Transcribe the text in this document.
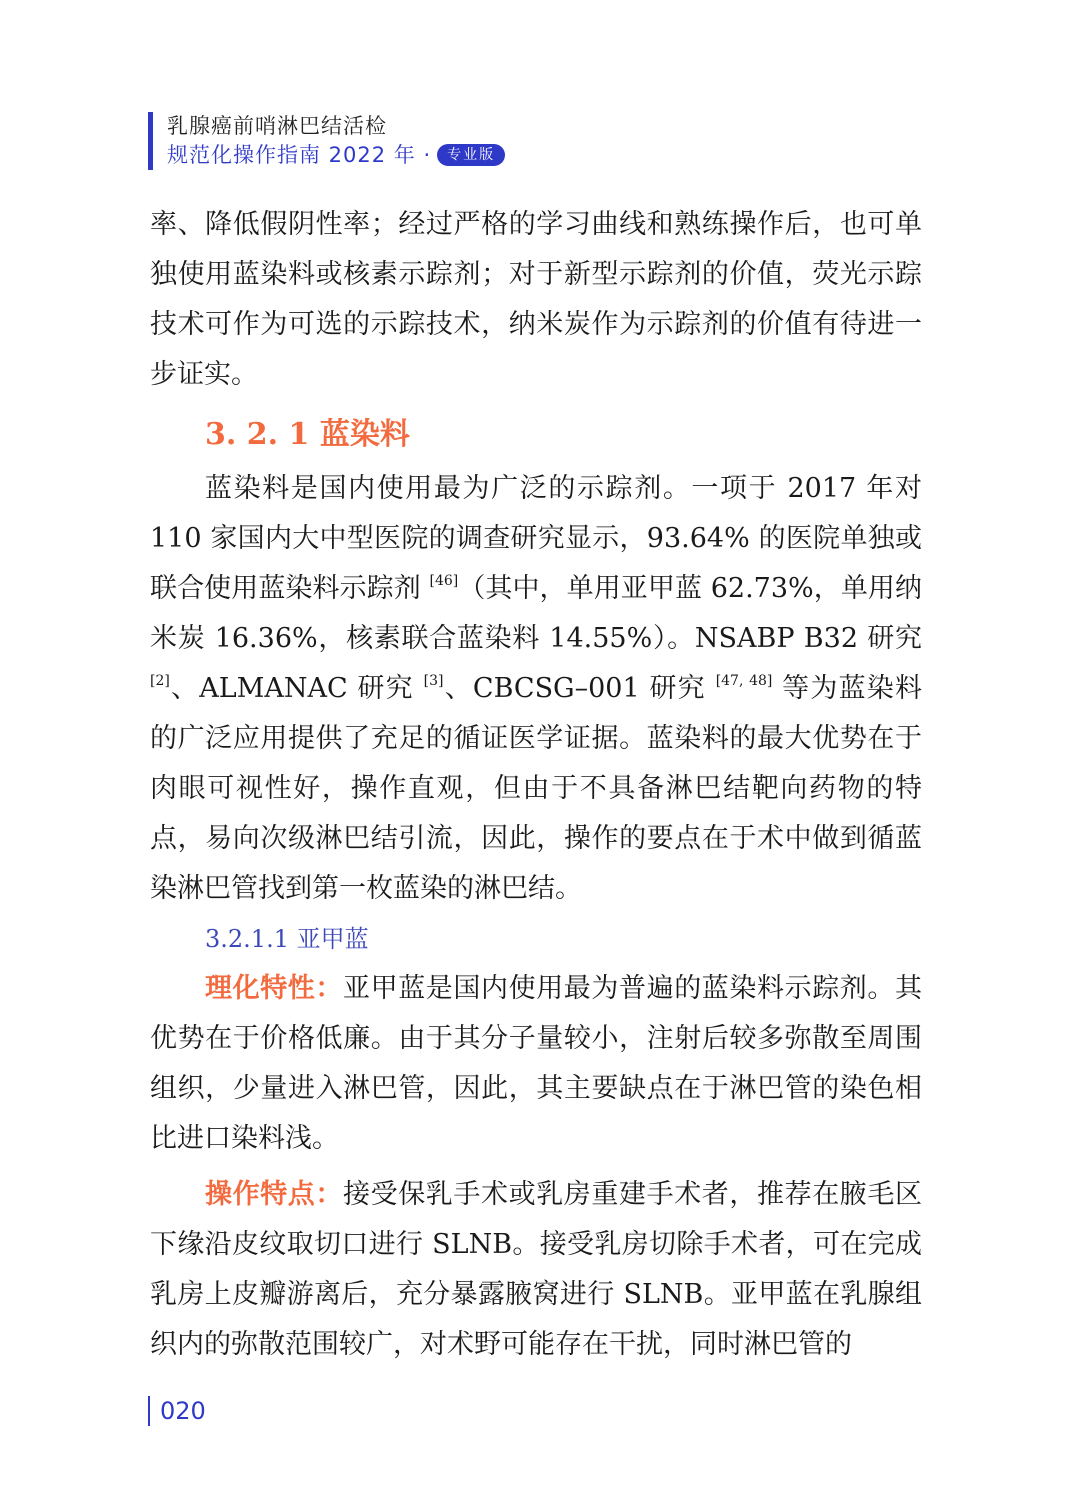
乳腺癌前哨淋巴结活检
规范化操作指南 2022 年 ·	专业版

率、降低假阴性率；经过严格的学习曲线和熟练操作后，也可单独使用蓝染料或核素示踪剂；对于新型示踪剂的价值，荧光示踪技术可作为可选的示踪技术，纳米炭作为示踪剂的价值有待进一步证实。

3. 2. 1 蓝染料

蓝染料是国内使用最为广泛的示踪剂。一项于 2017 年对 110 家国内大中型医院的调查研究显示，93.64% 的医院单独或联合使用蓝染料示踪剂 [46]（其中，单用亚甲蓝 62.73%，单用纳米炭 16.36%，核素联合蓝染料 14.55%）。NSABP B32 研究 [2]、ALMANAC 研究 [3]、CBCSG–001 研究 [47, 48] 等为蓝染料的广泛应用提供了充足的循证医学证据。蓝染料的最大优势在于肉眼可视性好，操作直观，但由于不具备淋巴结靶向药物的特点，易向次级淋巴结引流，因此，操作的要点在于术中做到循蓝染淋巴管找到第一枚蓝染的淋巴结。

3.2.1.1 亚甲蓝

理化特性：亚甲蓝是国内使用最为普遍的蓝染料示踪剂。其优势在于价格低廉。由于其分子量较小，注射后较多弥散至周围组织，少量进入淋巴管，因此，其主要缺点在于淋巴管的染色相比进口染料浅。

操作特点：接受保乳手术或乳房重建手术者，推荐在腋毛区下缘沿皮纹取切口进行 SLNB。接受乳房切除手术者，可在完成乳房上皮瓣游离后，充分暴露腋窝进行 SLNB。亚甲蓝在乳腺组织内的弥散范围较广，对术野可能存在干扰，同时淋巴管的

020
